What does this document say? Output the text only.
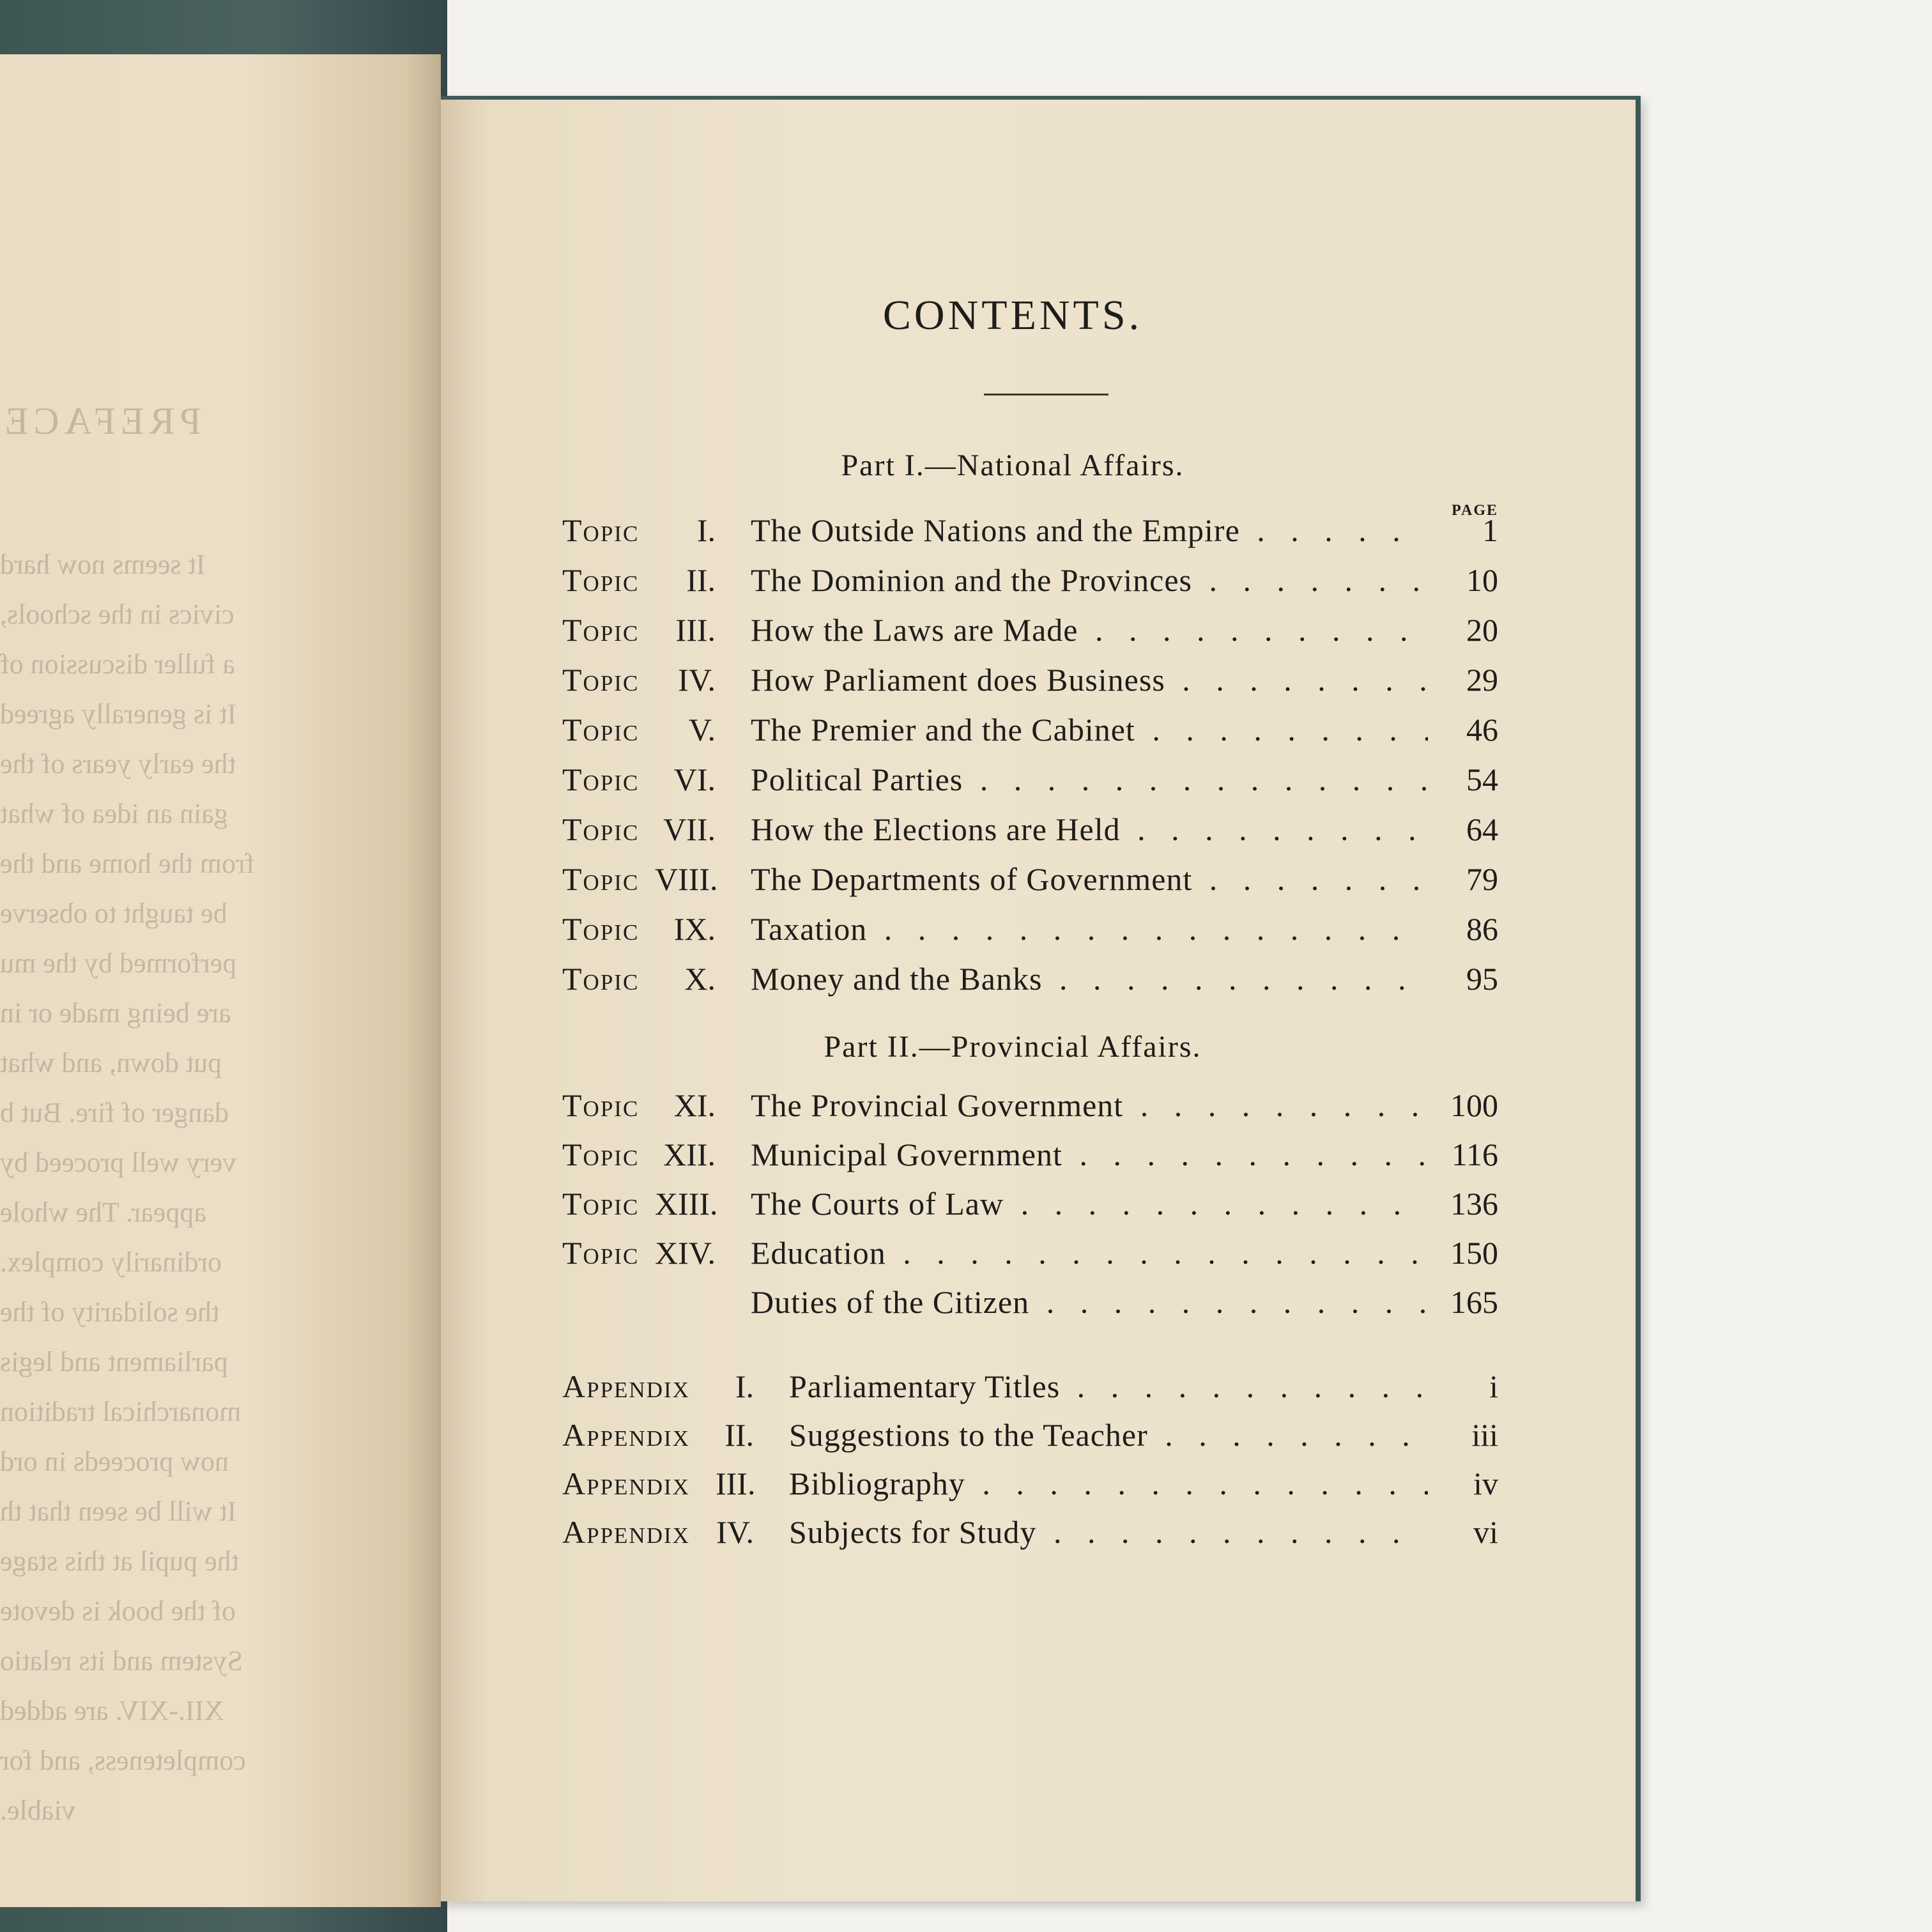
PREFACE
It seems now hard
civics in the schools,
a fuller discussion of
It is generally agreed
the early years of the
gain an idea of what
from the home and the
be taught to observe
performed by the mu
are being made or in
put down, and what
danger of fire. But b
very well proceed by
appear. The whole
ordinarily complex.
the solidarity of the
parliament and legis
monarchical tradition
now proceeds in ord
It will be seen that th
the pupil at this stage
of the book is devote
System and its relatio
XII.-XIV. are added
completeness, and for
viable.
CONTENTS.
Part I.—National Affairs.
PAGE
Topic	I.	The Outside Nations and the Empire . . .	1
Topic	II.	The Dominion and the Provinces . . .	10
Topic	III.	How the Laws are Made . . .	20
Topic	IV.	How Parliament does Business . . .	29
Topic	V.	The Premier and the Cabinet . . .	46
Topic	VI.	Political Parties . . .	54
Topic VII.	How the Elections are Held . . .	64
Topic VIII.	The Departments of Government . . .	79
Topic	IX.	Taxation . . .	86
Topic	X.	Money and the Banks . . .	95
Part II.—Provincial Affairs.
Topic	XI.	The Provincial Government . . .	100
Topic XII.	Municipal Government . . .	116
Topic XIII.	The Courts of Law . . .	136
Topic XIV.	Education . . .	150
Duties of the Citizen . . .	165
Appendix	I.	Parliamentary Titles . . .	i
Appendix	II.	Suggestions to the Teacher . . .	iii
Appendix III.	Bibliography . . .	iv
Appendix IV.	Subjects for Study . . .	vi
